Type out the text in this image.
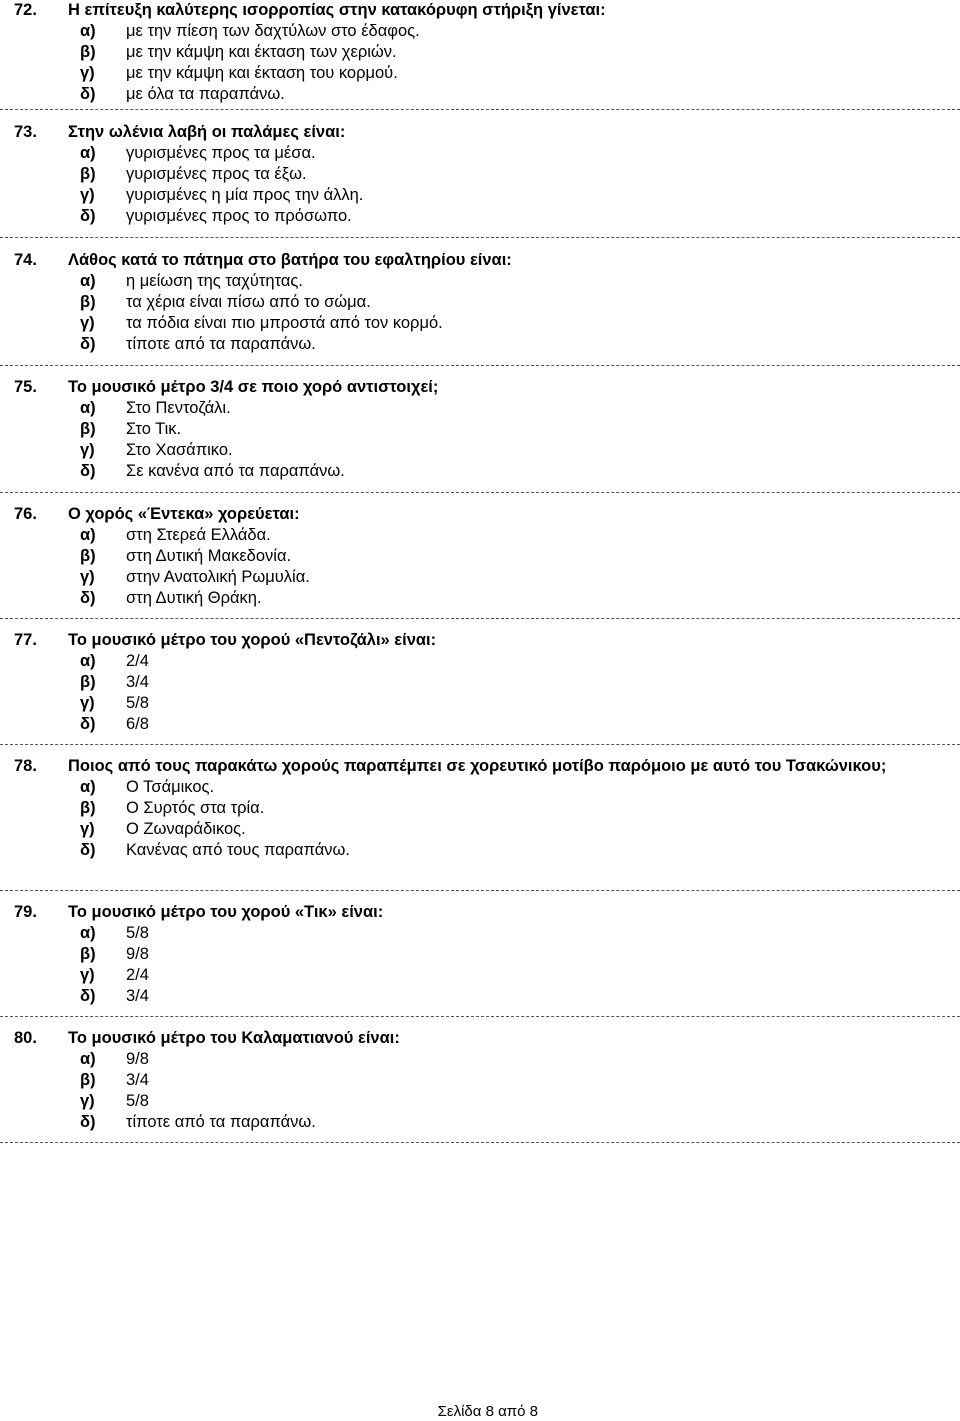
72.	Η επίτευξη καλύτερης ισορροπίας στην κατακόρυφη στήριξη γίνεται:
α)	με την πίεση των δαχτύλων στο έδαφος.
β)	με την κάμψη και έκταση των χεριών.
γ)	με την κάμψη και έκταση του κορμού.
δ)	με όλα τα παραπάνω.
73.	Στην ωλένια λαβή οι παλάμες είναι:
α)	γυρισμένες προς τα μέσα.
β)	γυρισμένες προς τα έξω.
γ)	γυρισμένες η μία προς την άλλη.
δ)	γυρισμένες προς το πρόσωπο.
74.	Λάθος κατά το πάτημα στο βατήρα του εφαλτηρίου είναι:
α)	η μείωση της ταχύτητας.
β)	τα χέρια είναι πίσω από το σώμα.
γ)	τα πόδια είναι πιο μπροστά από τον κορμό.
δ)	τίποτε από τα παραπάνω.
75.	Το μουσικό μέτρο 3/4 σε ποιο χορό αντιστοιχεί;
α)	Στο Πεντοζάλι.
β)	Στο Τικ.
γ)	Στο Χασάπικο.
δ)	Σε κανένα από τα παραπάνω.
76.	Ο χορός «Έντεκα» χορεύεται:
α)	στη Στερεά Ελλάδα.
β)	στη Δυτική Μακεδονία.
γ)	στην Ανατολική Ρωμυλία.
δ)	στη Δυτική Θράκη.
77.	Το μουσικό μέτρο του χορού «Πεντοζάλι» είναι:
α)	2/4
β)	3/4
γ)	5/8
δ)	6/8
78.	Ποιος από τους παρακάτω χορούς παραπέμπει σε χορευτικό μοτίβο παρόμοιο με αυτό του Τσακώνικου;
α)	Ο Τσάμικος.
β)	Ο Συρτός στα τρία.
γ)	Ο Ζωναράδικος.
δ)	Κανένας από τους παραπάνω.
79.	Το μουσικό μέτρο του χορού «Τικ» είναι:
α)	5/8
β)	9/8
γ)	2/4
δ)	3/4
80.	Το μουσικό μέτρο του Καλαματιανού είναι:
α)	9/8
β)	3/4
γ)	5/8
δ)	τίποτε από τα παραπάνω.
Σελίδα 8 από 8
